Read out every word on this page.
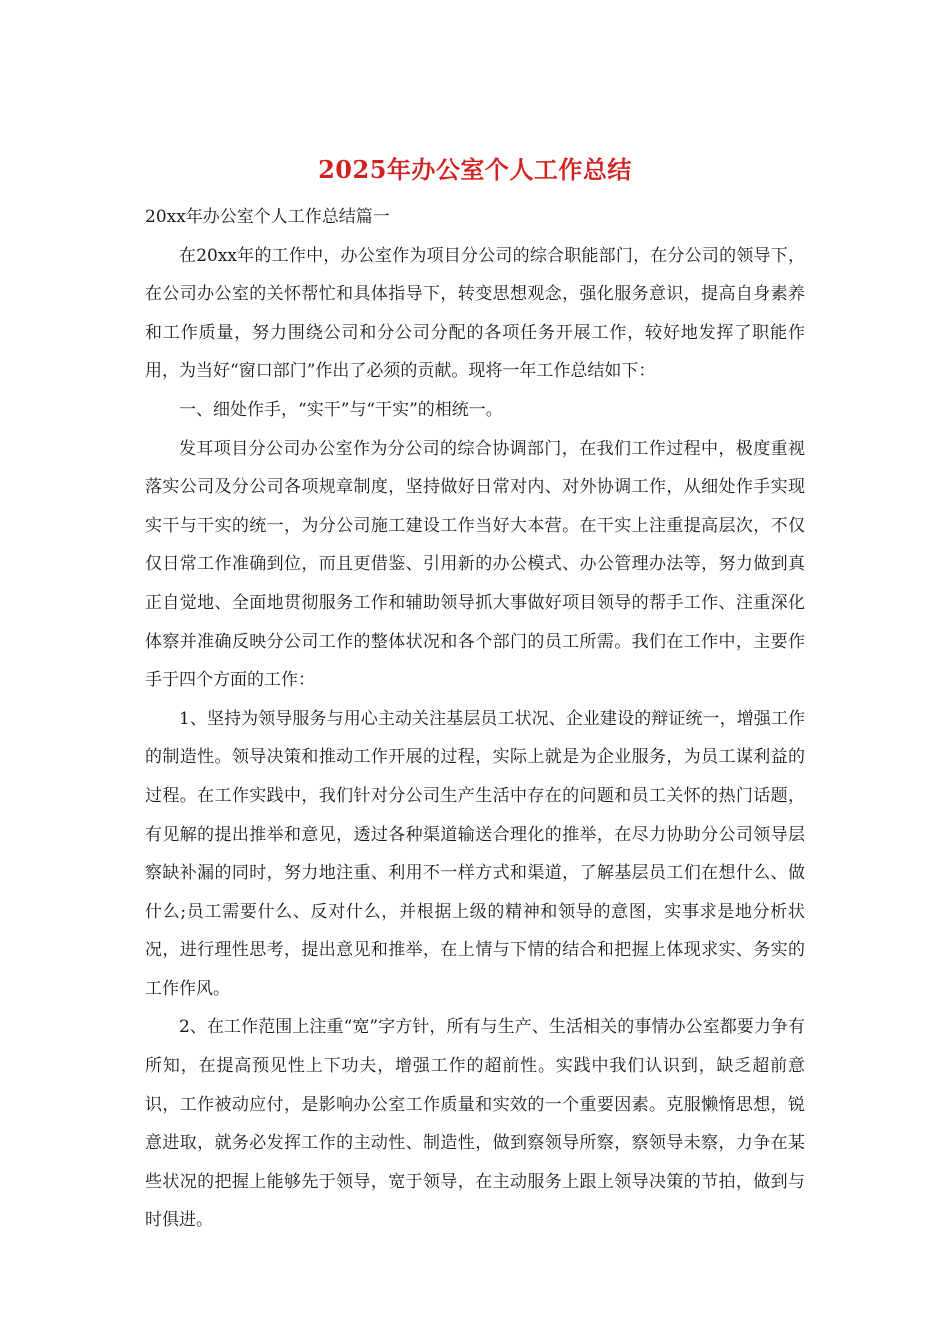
2025年办公室个人工作总结

20xx年办公室个人工作总结篇一

在20xx年的工作中，办公室作为项目分公司的综合职能部门，在分公司的领导下，在公司办公室的关怀帮忙和具体指导下，转变思想观念，强化服务意识，提高自身素养和工作质量，努力围绕公司和分公司分配的各项任务开展工作，较好地发挥了职能作用，为当好“窗口部门”作出了必须的贡献。现将一年工作总结如下：

一、细处作手，“实干”与“干实”的相统一。

发耳项目分公司办公室作为分公司的综合协调部门，在我们工作过程中，极度重视落实公司及分公司各项规章制度，坚持做好日常对内、对外协调工作，从细处作手实现实干与干实的统一，为分公司施工建设工作当好大本营。在干实上注重提高层次，不仅仅日常工作准确到位，而且更借鉴、引用新的办公模式、办公管理办法等，努力做到真正自觉地、全面地贯彻服务工作和辅助领导抓大事做好项目领导的帮手工作、注重深化体察并准确反映分公司工作的整体状况和各个部门的员工所需。我们在工作中，主要作手于四个方面的工作：

1、坚持为领导服务与用心主动关注基层员工状况、企业建设的辩证统一，增强工作的制造性。领导决策和推动工作开展的过程，实际上就是为企业服务，为员工谋利益的过程。在工作实践中，我们针对分公司生产生活中存在的问题和员工关怀的热门话题，有见解的提出推举和意见，透过各种渠道输送合理化的推举，在尽力协助分公司领导层察缺补漏的同时，努力地注重、利用不一样方式和渠道，了解基层员工们在想什么、做什么;员工需要什么、反对什么，并根据上级的精神和领导的意图，实事求是地分析状况，进行理性思考，提出意见和推举，在上情与下情的结合和把握上体现求实、务实的工作作风。

2、在工作范围上注重“宽”字方针，所有与生产、生活相关的事情办公室都要力争有所知，在提高预见性上下功夫，增强工作的超前性。实践中我们认识到，缺乏超前意识，工作被动应付，是影响办公室工作质量和实效的一个重要因素。克服懒惰思想，锐意进取，就务必发挥工作的主动性、制造性，做到察领导所察，察领导未察，力争在某些状况的把握上能够先于领导，宽于领导，在主动服务上跟上领导决策的节拍，做到与时俱进。
